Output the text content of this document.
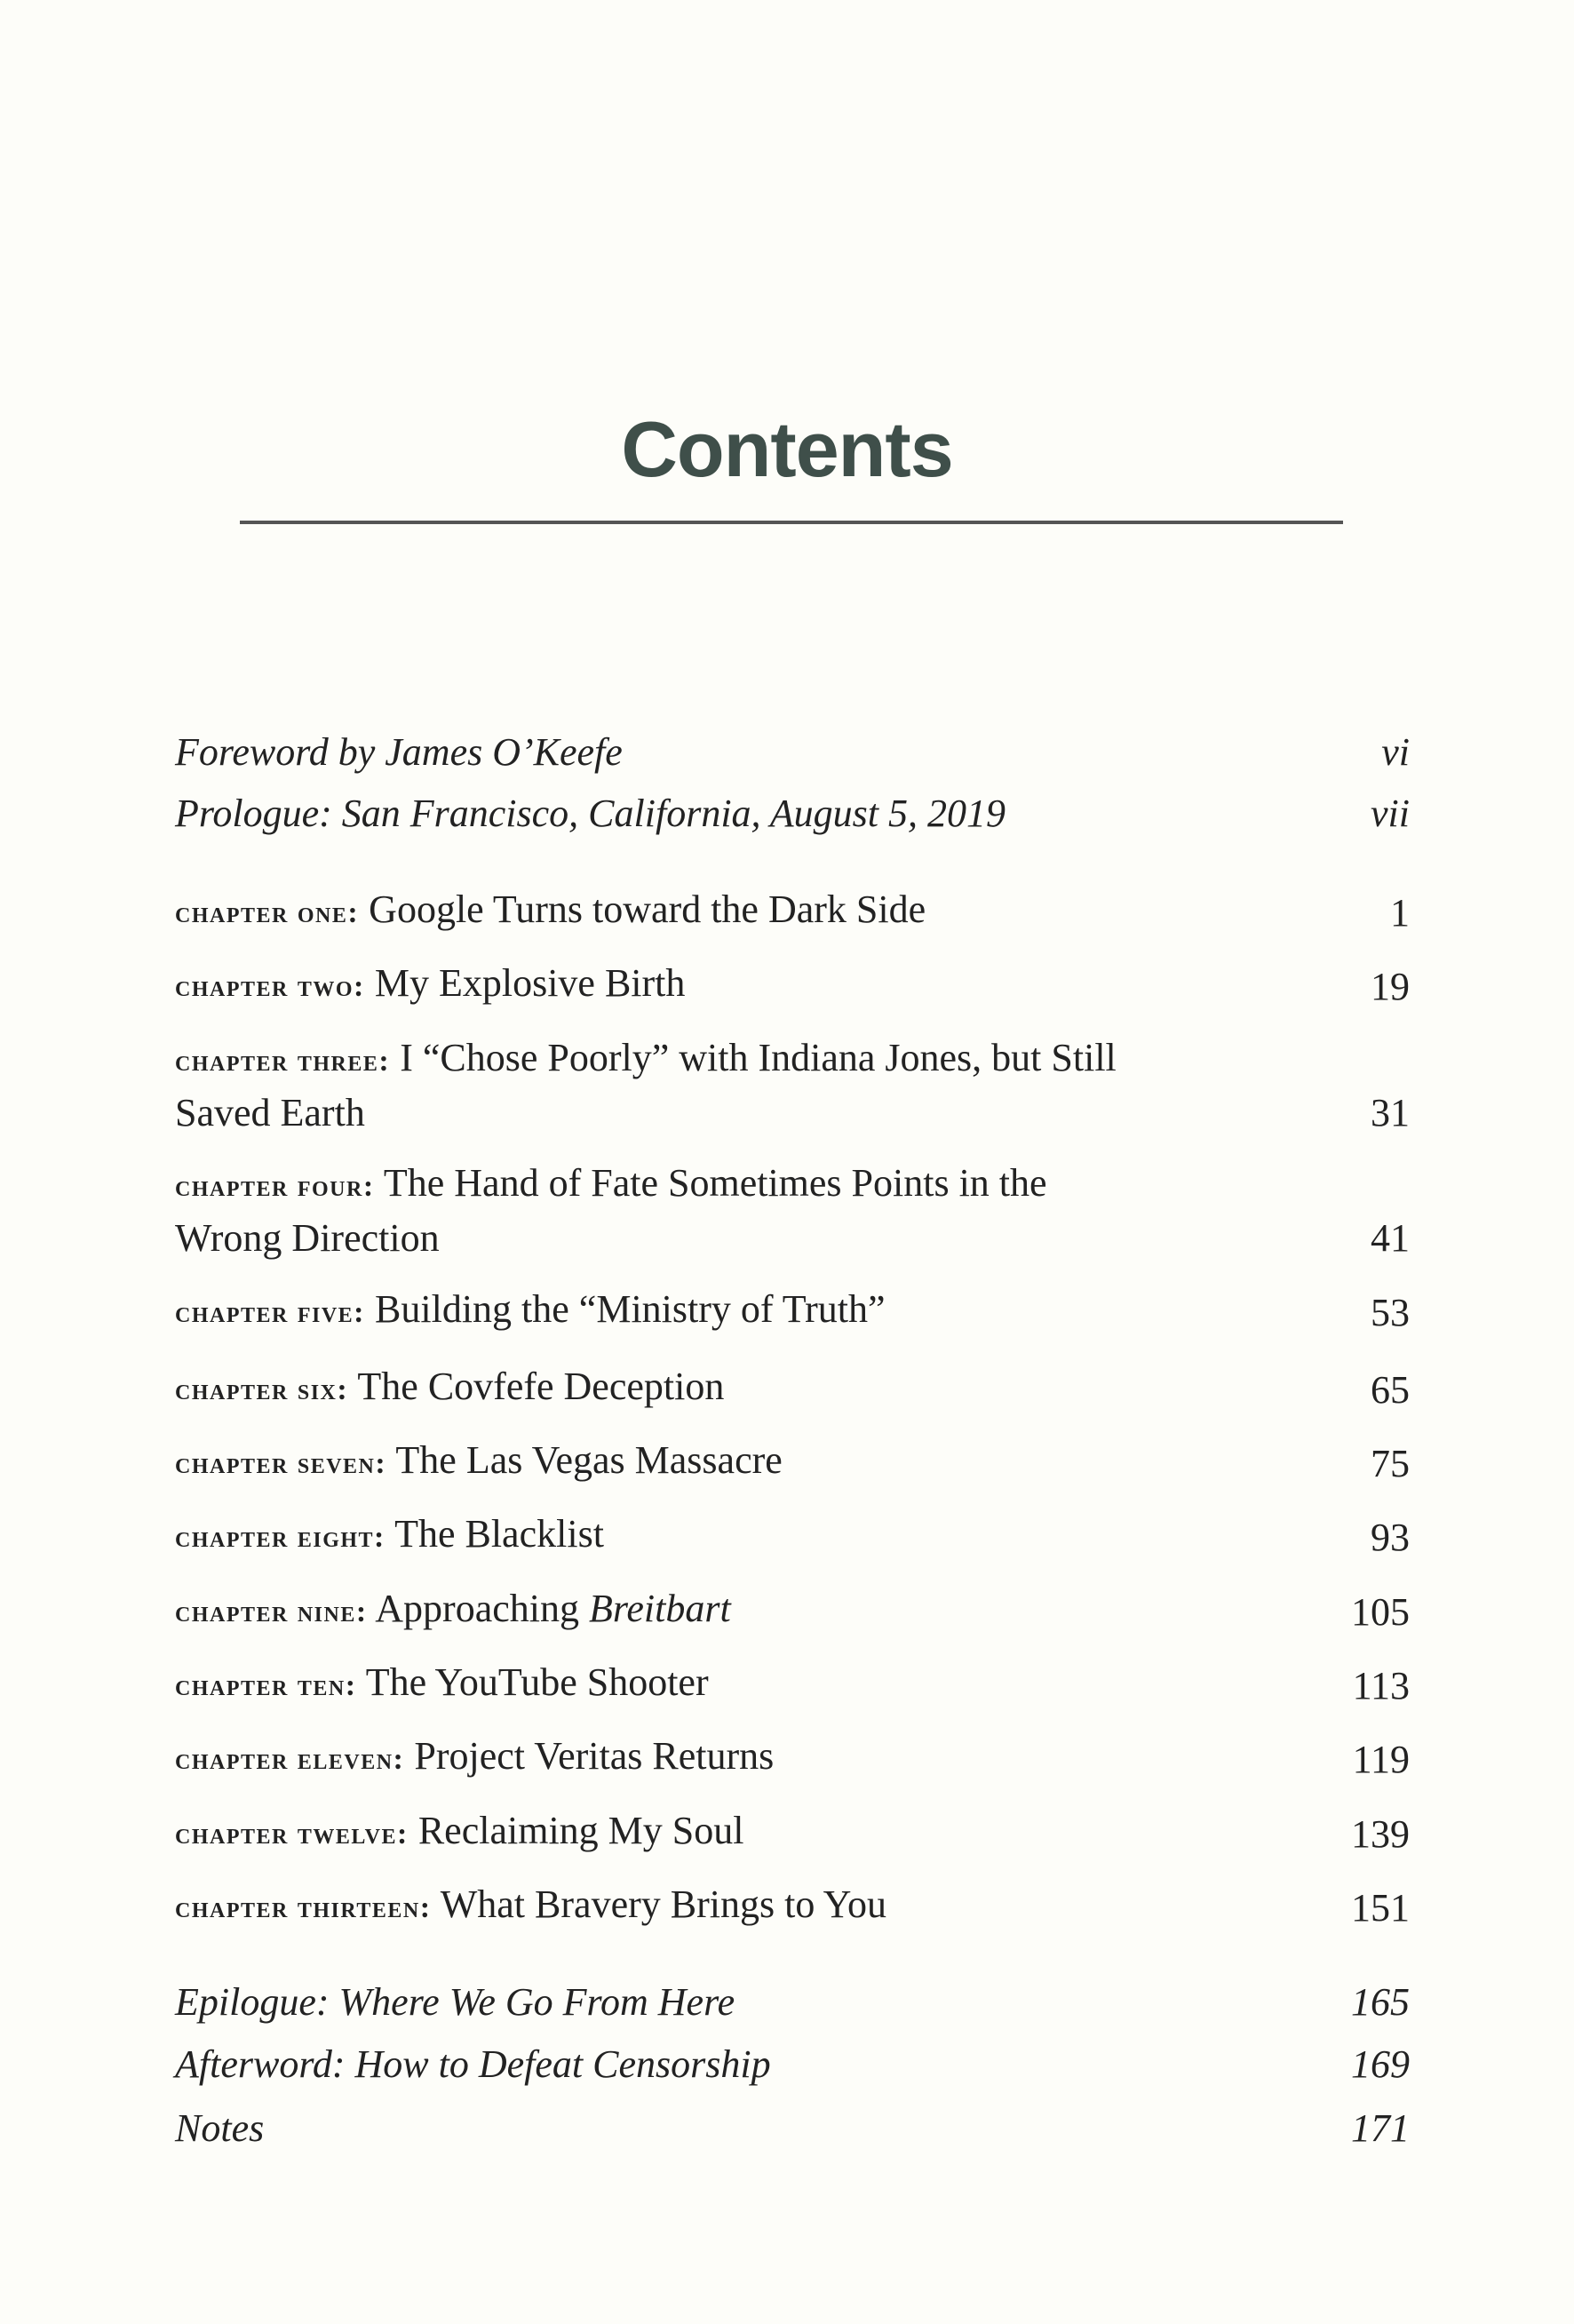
Contents
Foreword by James O’Keefe	vi
Prologue: San Francisco, California, August 5, 2019	vii
chapter one: Google Turns toward the Dark Side	1
chapter two: My Explosive Birth	19
chapter three: I “Chose Poorly” with Indiana Jones, but Still Saved Earth	31
chapter four: The Hand of Fate Sometimes Points in the Wrong Direction	41
chapter five: Building the “Ministry of Truth”	53
chapter six: The Covfefe Deception	65
chapter seven: The Las Vegas Massacre	75
chapter eight: The Blacklist	93
chapter nine: Approaching Breitbart	105
chapter ten: The YouTube Shooter	113
chapter eleven: Project Veritas Returns	119
chapter twelve: Reclaiming My Soul	139
chapter thirteen: What Bravery Brings to You	151
Epilogue: Where We Go From Here	165
Afterword: How to Defeat Censorship	169
Notes	171
